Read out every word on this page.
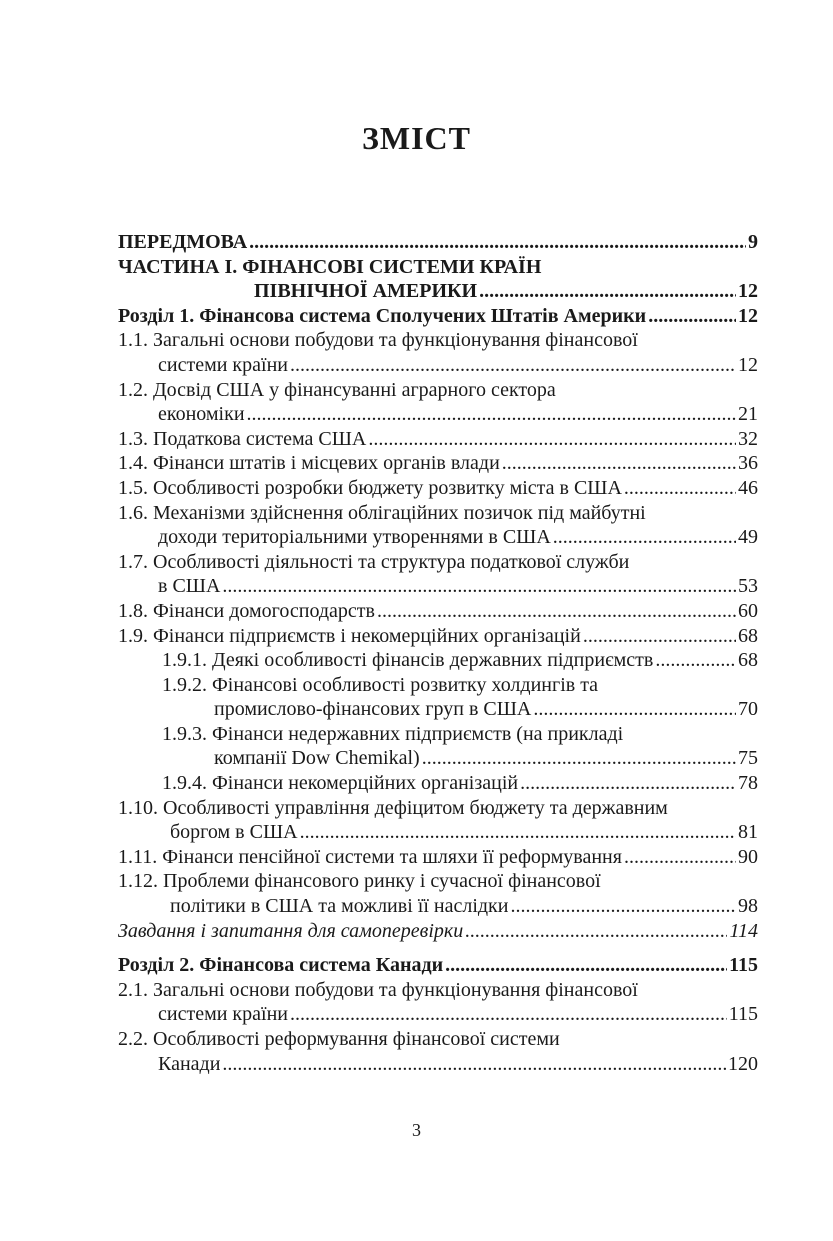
ЗМІСТ
ПЕРЕДМОВА .....	9
ЧАСТИНА І. ФІНАНСОВІ СИСТЕМИ КРАЇН
ПІВНІЧНОЇ АМЕРИКИ .....	12
Розділ 1. Фінансова система Сполучених Штатів Америки .....	12
1.1. Загальні основи побудови та функціонування фінансової
системи країни .....	12
1.2. Досвід США у фінансуванні аграрного сектора
економіки .....	21
1.3. Податкова система США .....	32
1.4. Фінанси штатів і місцевих органів влади .....	36
1.5. Особливості розробки бюджету розвитку міста в США .....	46
1.6. Механізми здійснення облігаційних позичок під майбутні
доходи територіальними утвореннями в США .....	49
1.7. Особливості діяльності та структура податкової служби
в США .....	53
1.8. Фінанси домогосподарств .....	60
1.9. Фінанси підприємств і некомерційних організацій .....	68
1.9.1. Деякі особливості фінансів державних підприємств .....	68
1.9.2. Фінансові особливості розвитку холдингів та
промислово-фінансових груп в США .....	70
1.9.3. Фінанси недержавних підприємств (на прикладі
компанії Dow Chemikal) .....	75
1.9.4. Фінанси некомерційних організацій .....	78
1.10. Особливості управління дефіцитом бюджету та державним
боргом в США .....	81
1.11. Фінанси пенсійної системи та шляхи її реформування .....	90
1.12. Проблеми фінансового ринку і сучасної фінансової
політики в США та можливі її наслідки .....	98
Завдання і запитання для самоперевірки .....	114
Розділ 2. Фінансова система Канади .....	115
2.1. Загальні основи побудови та функціонування фінансової
системи країни .....	115
2.2. Особливості реформування фінансової системи
Канади .....	120
3
